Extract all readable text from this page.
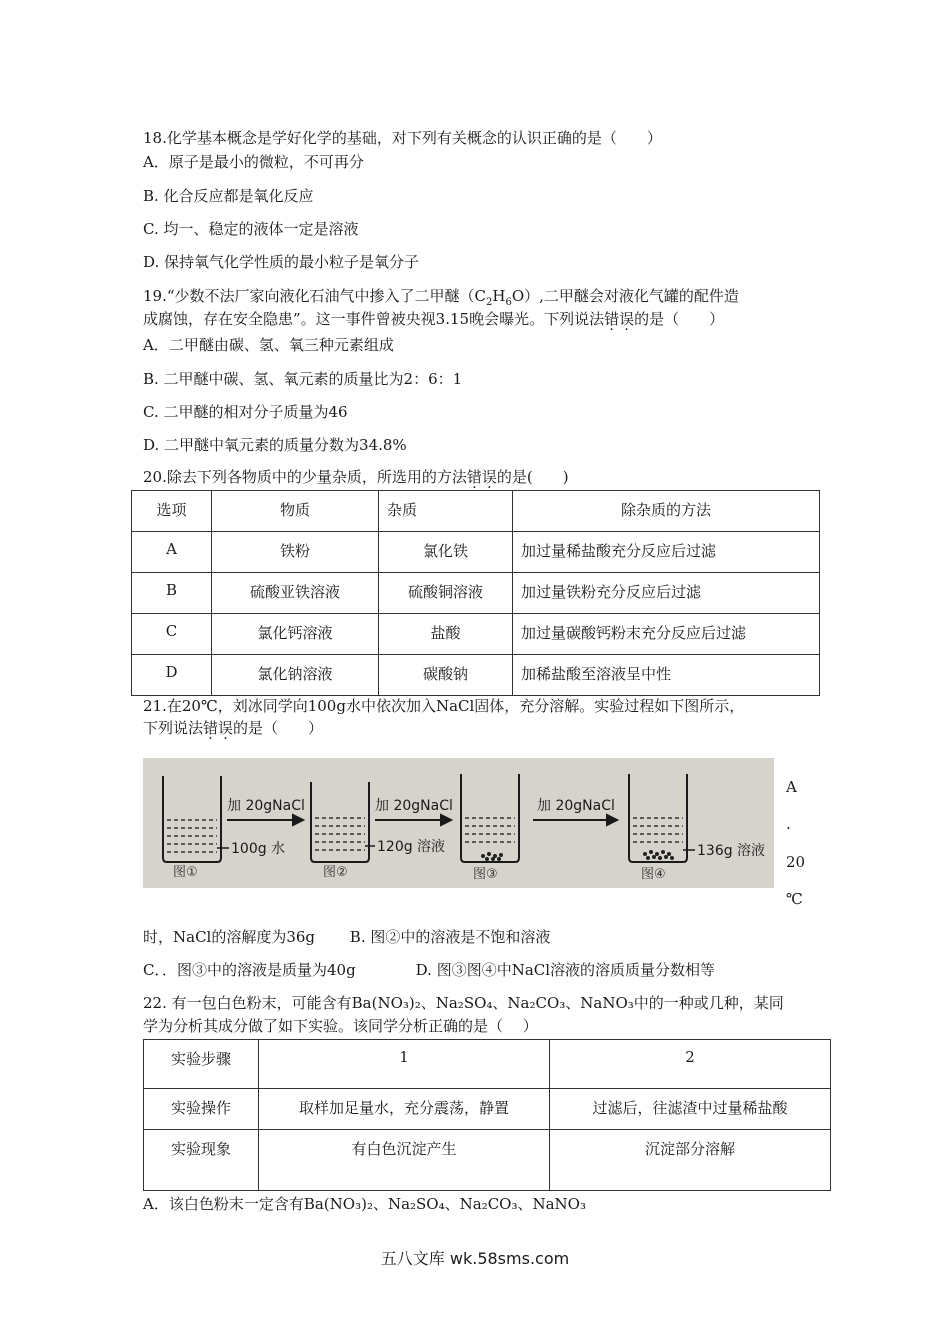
18.化学基本概念是学好化学的基础，对下列有关概念的认识正确的是（　　）
A．原子是最小的微粒，不可再分
B. 化合反应都是氧化反应
C. 均一、稳定的液体一定是溶液
D. 保持氧气化学性质的最小粒子是氧分子
19.“少数不法厂家向液化石油气中掺入了二甲醚$(C_2H_6O)$,二甲醚会对液化气罐的配件造
成腐蚀，存在安全隐患”。这一事件曾被央视3.15晚会曝光。下列说法错误的是（　　）
A．二甲醚由碳、氢、氧三种元素组成
B. 二甲醚中碳、氢、氧元素的质量比为2：6：1
C. 二甲醚的相对分子质量为46
D. 二甲醚中氧元素的质量分数为34.8%
20.除去下列各物质中的少量杂质，所选用的方法错误的是(　　)
选项	物质	杂质	除杂质的方法
A	铁粉	氯化铁	加过量稀盐酸充分反应后过滤
B	硫酸亚铁溶液	硫酸铜溶液	加过量铁粉充分反应后过滤
C	氯化钙溶液	盐酸	加过量碳酸钙粉末充分反应后过滤
D	氯化钠溶液	碳酸钠	加稀盐酸至溶液呈中性
21.在20℃，刘冰同学向100g水中依次加入NaCl固体，充分溶解。实验过程如下图所示，
下列说法错误的是（　　）
加 20gNaCl	加 20gNaCl	加 20gNaCl
100g 水	120g 溶液	136g 溶液
图①	图②	图③	图④
A
.
20
℃
时，NaCl的溶解度为36g　　 B. 图②中的溶液是不饱和溶液
C．．图③中的溶液是质量为40g　　　　D. 图③图④中NaCl溶液的溶质质量分数相等
22. 有一包白色粉末，可能含有Ba(NO₃)₂、Na₂SO₄、Na₂CO₃、NaNO₃中的一种或几种，某同
学为分析其成分做了如下实验。该同学分析正确的是（　 ）
实验步骤	1	2
实验操作	取样加足量水，充分震荡，静置	过滤后，往滤渣中过量稀盐酸
实验现象	有白色沉淀产生	沉淀部分溶解
A．该白色粉末一定含有Ba(NO₃)₂、Na₂SO₄、Na₂CO₃、NaNO₃
五八文库 wk.58sms.com
